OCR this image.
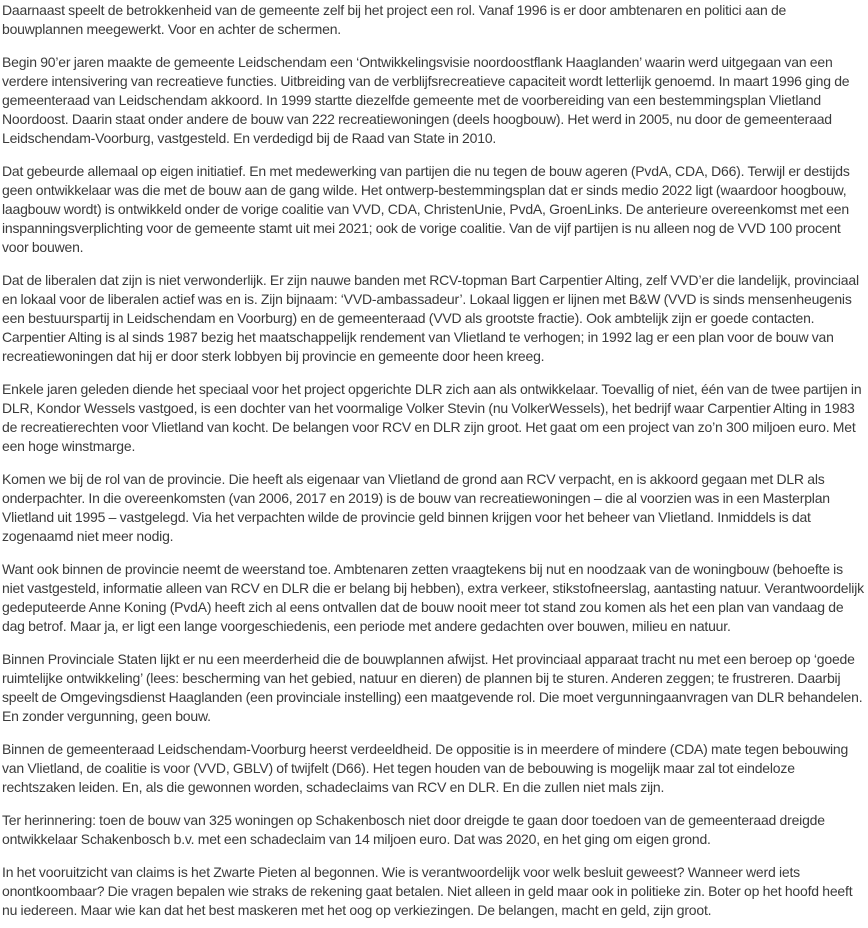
Daarnaast speelt de betrokkenheid van de gemeente zelf bij het project een rol. Vanaf 1996 is er door ambtenaren en politici aan de bouwplannen meegewerkt. Voor en achter de schermen.

Begin 90’er jaren maakte de gemeente Leidschendam een ‘Ontwikkelingsvisie noordoostflank Haaglanden’ waarin werd uitgegaan van een verdere intensivering van recreatieve functies. Uitbreiding van de verblijfsrecreatieve capaciteit wordt letterlijk genoemd. In maart 1996 ging de gemeenteraad van Leidschendam akkoord. In 1999 startte diezelfde gemeente met de voorbereiding van een bestemmingsplan Vlietland Noordoost. Daarin staat onder andere de bouw van 222 recreatiewoningen (deels hoogbouw). Het werd in 2005, nu door de gemeenteraad Leidschendam-Voorburg, vastgesteld. En verdedigd bij de Raad van State in 2010.

Dat gebeurde allemaal op eigen initiatief. En met medewerking van partijen die nu tegen de bouw ageren (PvdA, CDA, D66). Terwijl er destijds geen ontwikkelaar was die met de bouw aan de gang wilde. Het ontwerp-bestemmingsplan dat er sinds medio 2022 ligt (waardoor hoogbouw, laagbouw wordt) is ontwikkeld onder de vorige coalitie van VVD, CDA, ChristenUnie, PvdA, GroenLinks. De anterieure overeenkomst met een inspanningsverplichting voor de gemeente stamt uit mei 2021; ook de vorige coalitie. Van de vijf partijen is nu alleen nog de VVD 100 procent voor bouwen.

Dat de liberalen dat zijn is niet verwonderlijk. Er zijn nauwe banden met RCV-topman Bart Carpentier Alting, zelf VVD’er die landelijk, provinciaal en lokaal voor de liberalen actief was en is. Zijn bijnaam: ‘VVD-ambassadeur’. Lokaal liggen er lijnen met B&W (VVD is sinds mensenheugenis een bestuurspartij in Leidschendam en Voorburg) en de gemeenteraad (VVD als grootste fractie). Ook ambtelijk zijn er goede contacten. Carpentier Alting is al sinds 1987 bezig het maatschappelijk rendement van Vlietland te verhogen; in 1992 lag er een plan voor de bouw van recreatiewoningen dat hij er door sterk lobbyen bij provincie en gemeente door heen kreeg.

Enkele jaren geleden diende het speciaal voor het project opgerichte DLR zich aan als ontwikkelaar. Toevallig of niet, één van de twee partijen in DLR, Kondor Wessels vastgoed, is een dochter van het voormalige Volker Stevin (nu VolkerWessels), het bedrijf waar Carpentier Alting in 1983 de recreatierechten voor Vlietland van kocht. De belangen voor RCV en DLR zijn groot. Het gaat om een project van zo’n 300 miljoen euro. Met een hoge winstmarge.

Komen we bij de rol van de provincie. Die heeft als eigenaar van Vlietland de grond aan RCV verpacht, en is akkoord gegaan met DLR als onderpachter. In die overeenkomsten (van 2006, 2017 en 2019) is de bouw van recreatiewoningen – die al voorzien was in een Masterplan Vlietland uit 1995 – vastgelegd. Via het verpachten wilde de provincie geld binnen krijgen voor het beheer van Vlietland. Inmiddels is dat zogenaamd niet meer nodig.

Want ook binnen de provincie neemt de weerstand toe. Ambtenaren zetten vraagtekens bij nut en noodzaak van de woningbouw (behoefte is niet vastgesteld, informatie alleen van RCV en DLR die er belang bij hebben), extra verkeer, stikstofneerslag, aantasting natuur. Verantwoordelijk gedeputeerde Anne Koning (PvdA) heeft zich al eens ontvallen dat de bouw nooit meer tot stand zou komen als het een plan van vandaag de dag betrof. Maar ja, er ligt een lange voorgeschiedenis, een periode met andere gedachten over bouwen, milieu en natuur.

Binnen Provinciale Staten lijkt er nu een meerderheid die de bouwplannen afwijst. Het provinciaal apparaat tracht nu met een beroep op ‘goede ruimtelijke ontwikkeling’ (lees: bescherming van het gebied, natuur en dieren) de plannen bij te sturen. Anderen zeggen; te frustreren. Daarbij speelt de Omgevingsdienst Haaglanden (een provinciale instelling) een maatgevende rol. Die moet vergunningaanvragen van DLR behandelen. En zonder vergunning, geen bouw.

Binnen de gemeenteraad Leidschendam-Voorburg heerst verdeeldheid. De oppositie is in meerdere of mindere (CDA) mate tegen bebouwing van Vlietland, de coalitie is voor (VVD, GBLV) of twijfelt (D66). Het tegen houden van de bebouwing is mogelijk maar zal tot eindeloze rechtszaken leiden. En, als die gewonnen worden, schadeclaims van RCV en DLR. En die zullen niet mals zijn.

Ter herinnering: toen de bouw van 325 woningen op Schakenbosch niet door dreigde te gaan door toedoen van de gemeenteraad dreigde ontwikkelaar Schakenbosch b.v. met een schadeclaim van 14 miljoen euro. Dat was 2020, en het ging om eigen grond.

In het vooruitzicht van claims is het Zwarte Pieten al begonnen. Wie is verantwoordelijk voor welk besluit geweest? Wanneer werd iets onontkoombaar? Die vragen bepalen wie straks de rekening gaat betalen. Niet alleen in geld maar ook in politieke zin. Boter op het hoofd heeft nu iedereen. Maar wie kan dat het best maskeren met het oog op verkiezingen. De belangen, macht en geld, zijn groot.
